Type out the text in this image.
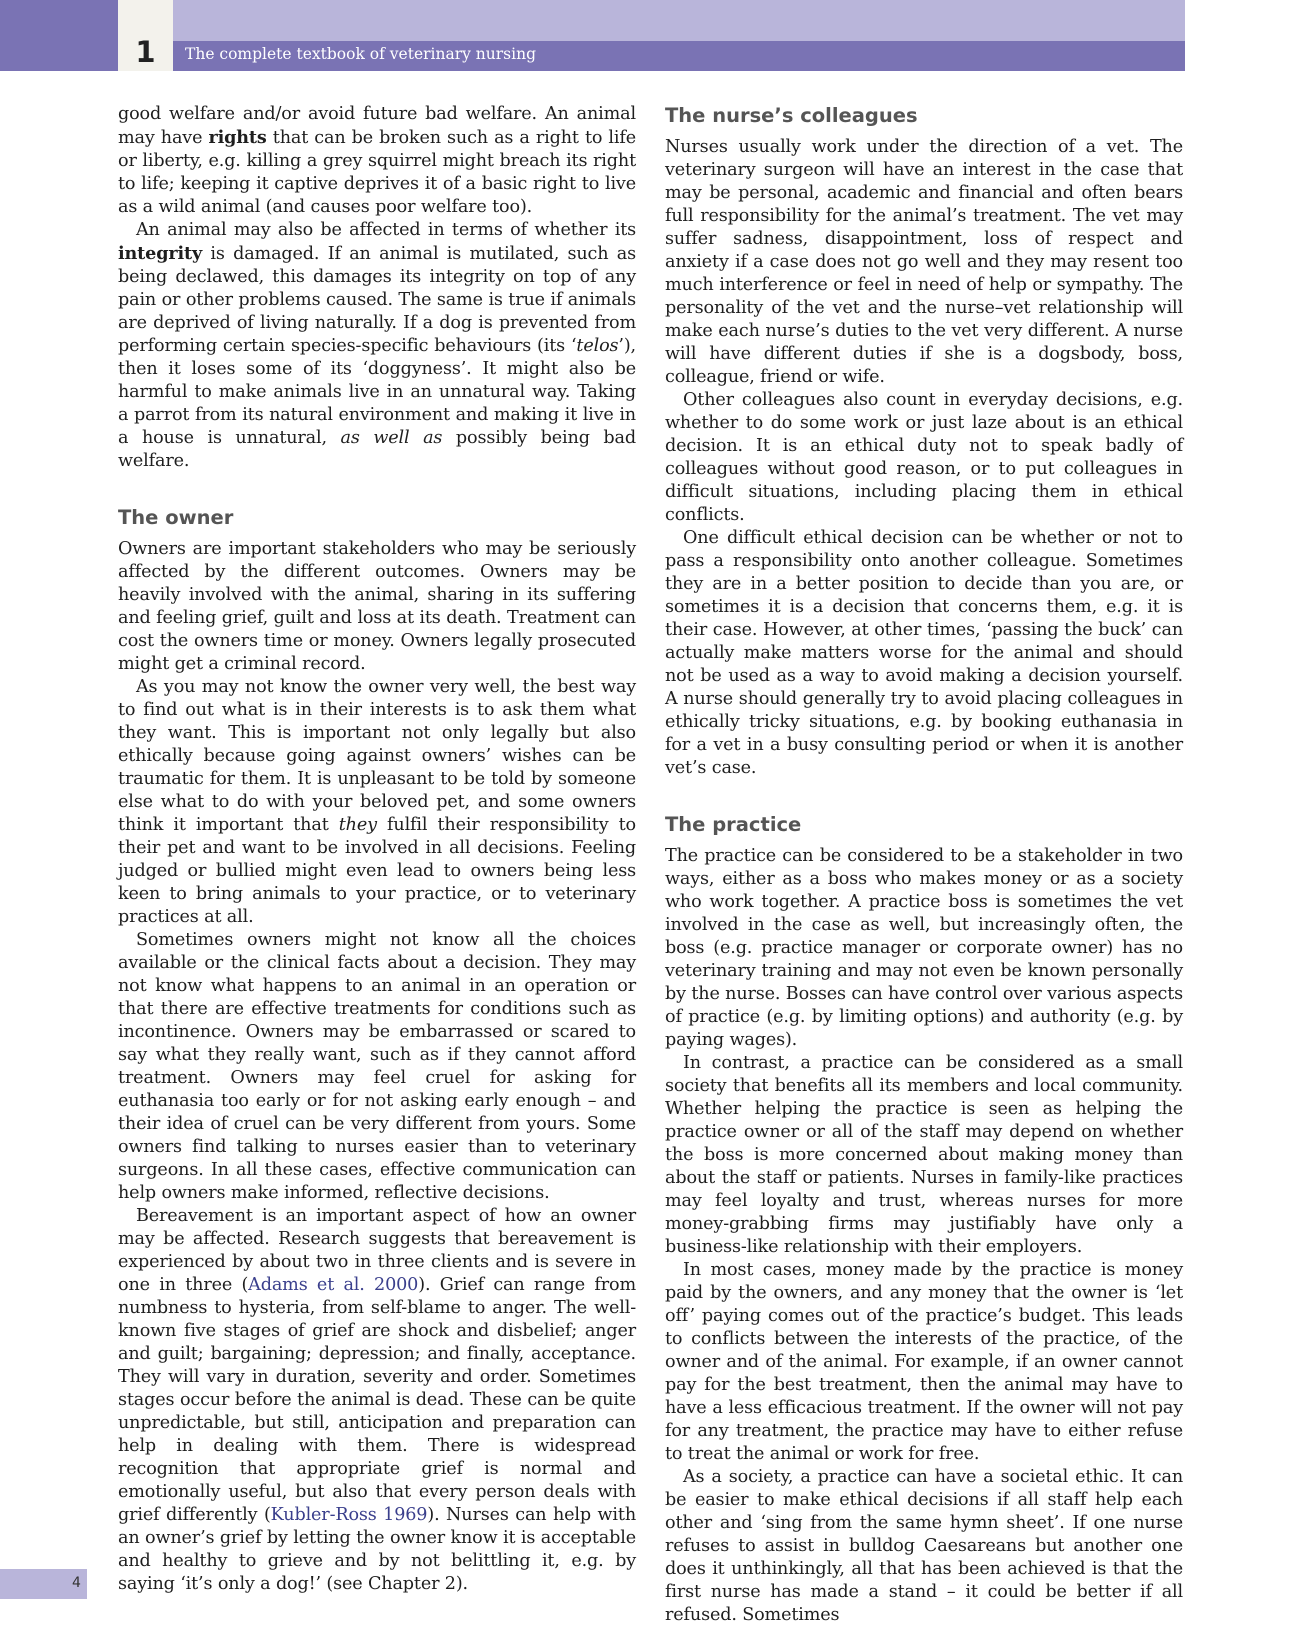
1	The complete textbook of veterinary nursing

good welfare and/or avoid future bad welfare. An animal may have rights that can be broken such as a right to life or liberty, e.g. killing a grey squirrel might breach its right to life; keeping it captive deprives it of a basic right to live as a wild animal (and causes poor welfare too).

An animal may also be affected in terms of whether its integrity is damaged. If an animal is mutilated, such as being declawed, this damages its integrity on top of any pain or other problems caused. The same is true if animals are deprived of living naturally. If a dog is prevented from performing certain species-specific behaviours (its ‘telos’), then it loses some of its ‘doggyness’. It might also be harmful to make animals live in an unnatural way. Taking a parrot from its natural environment and making it live in a house is unnatural, as well as possibly being bad welfare.

The owner

Owners are important stakeholders who may be seriously affected by the different outcomes. Owners may be heavily involved with the animal, sharing in its suffering and feeling grief, guilt and loss at its death. Treatment can cost the owners time or money. Owners legally prosecuted might get a criminal record.

As you may not know the owner very well, the best way to find out what is in their interests is to ask them what they want. This is important not only legally but also ethically because going against owners’ wishes can be traumatic for them. It is unpleasant to be told by someone else what to do with your beloved pet, and some owners think it important that they fulfil their responsibility to their pet and want to be involved in all decisions. Feeling judged or bullied might even lead to owners being less keen to bring animals to your practice, or to veterinary practices at all.

Sometimes owners might not know all the choices available or the clinical facts about a decision. They may not know what happens to an animal in an operation or that there are effective treatments for conditions such as incontinence. Owners may be embarrassed or scared to say what they really want, such as if they cannot afford treatment. Owners may feel cruel for asking for euthanasia too early or for not asking early enough – and their idea of cruel can be very different from yours. Some owners find talking to nurses easier than to veterinary surgeons. In all these cases, effective communication can help owners make informed, reflective decisions.

Bereavement is an important aspect of how an owner may be affected. Research suggests that bereavement is experienced by about two in three clients and is severe in one in three (Adams et al. 2000). Grief can range from numbness to hysteria, from self-blame to anger. The well-known five stages of grief are shock and disbelief; anger and guilt; bargaining; depression; and finally, acceptance. They will vary in duration, severity and order. Sometimes stages occur before the animal is dead. These can be quite unpredictable, but still, anticipation and preparation can help in dealing with them. There is widespread recognition that appropriate grief is normal and emotionally useful, but also that every person deals with grief differently (Kubler-Ross 1969). Nurses can help with an owner’s grief by letting the owner know it is acceptable and healthy to grieve and by not belittling it, e.g. by saying ‘it’s only a dog!’ (see Chapter 2).

The nurse’s colleagues

Nurses usually work under the direction of a vet. The veterinary surgeon will have an interest in the case that may be personal, academic and financial and often bears full responsibility for the animal’s treatment. The vet may suffer sadness, disappointment, loss of respect and anxiety if a case does not go well and they may resent too much interference or feel in need of help or sympathy. The personality of the vet and the nurse–vet relationship will make each nurse’s duties to the vet very different. A nurse will have different duties if she is a dogsbody, boss, colleague, friend or wife.

Other colleagues also count in everyday decisions, e.g. whether to do some work or just laze about is an ethical decision. It is an ethical duty not to speak badly of colleagues without good reason, or to put colleagues in difficult situations, including placing them in ethical conflicts.

One difficult ethical decision can be whether or not to pass a responsibility onto another colleague. Sometimes they are in a better position to decide than you are, or sometimes it is a decision that concerns them, e.g. it is their case. However, at other times, ‘passing the buck’ can actually make matters worse for the animal and should not be used as a way to avoid making a decision yourself. A nurse should generally try to avoid placing colleagues in ethically tricky situations, e.g. by booking euthanasia in for a vet in a busy consulting period or when it is another vet’s case.

The practice

The practice can be considered to be a stakeholder in two ways, either as a boss who makes money or as a society who work together. A practice boss is sometimes the vet involved in the case as well, but increasingly often, the boss (e.g. practice manager or corporate owner) has no veterinary training and may not even be known personally by the nurse. Bosses can have control over various aspects of practice (e.g. by limiting options) and authority (e.g. by paying wages).

In contrast, a practice can be considered as a small society that benefits all its members and local community. Whether helping the practice is seen as helping the practice owner or all of the staff may depend on whether the boss is more concerned about making money than about the staff or patients. Nurses in family-like practices may feel loyalty and trust, whereas nurses for more money-grabbing firms may justifiably have only a business-like relationship with their employers.

In most cases, money made by the practice is money paid by the owners, and any money that the owner is ‘let off’ paying comes out of the practice’s budget. This leads to conflicts between the interests of the practice, of the owner and of the animal. For example, if an owner cannot pay for the best treatment, then the animal may have to have a less efficacious treatment. If the owner will not pay for any treatment, the practice may have to either refuse to treat the animal or work for free.

As a society, a practice can have a societal ethic. It can be easier to make ethical decisions if all staff help each other and ‘sing from the same hymn sheet’. If one nurse refuses to assist in bulldog Caesareans but another one does it unthinkingly, all that has been achieved is that the first nurse has made a stand – it could be better if all refused. Sometimes

4
